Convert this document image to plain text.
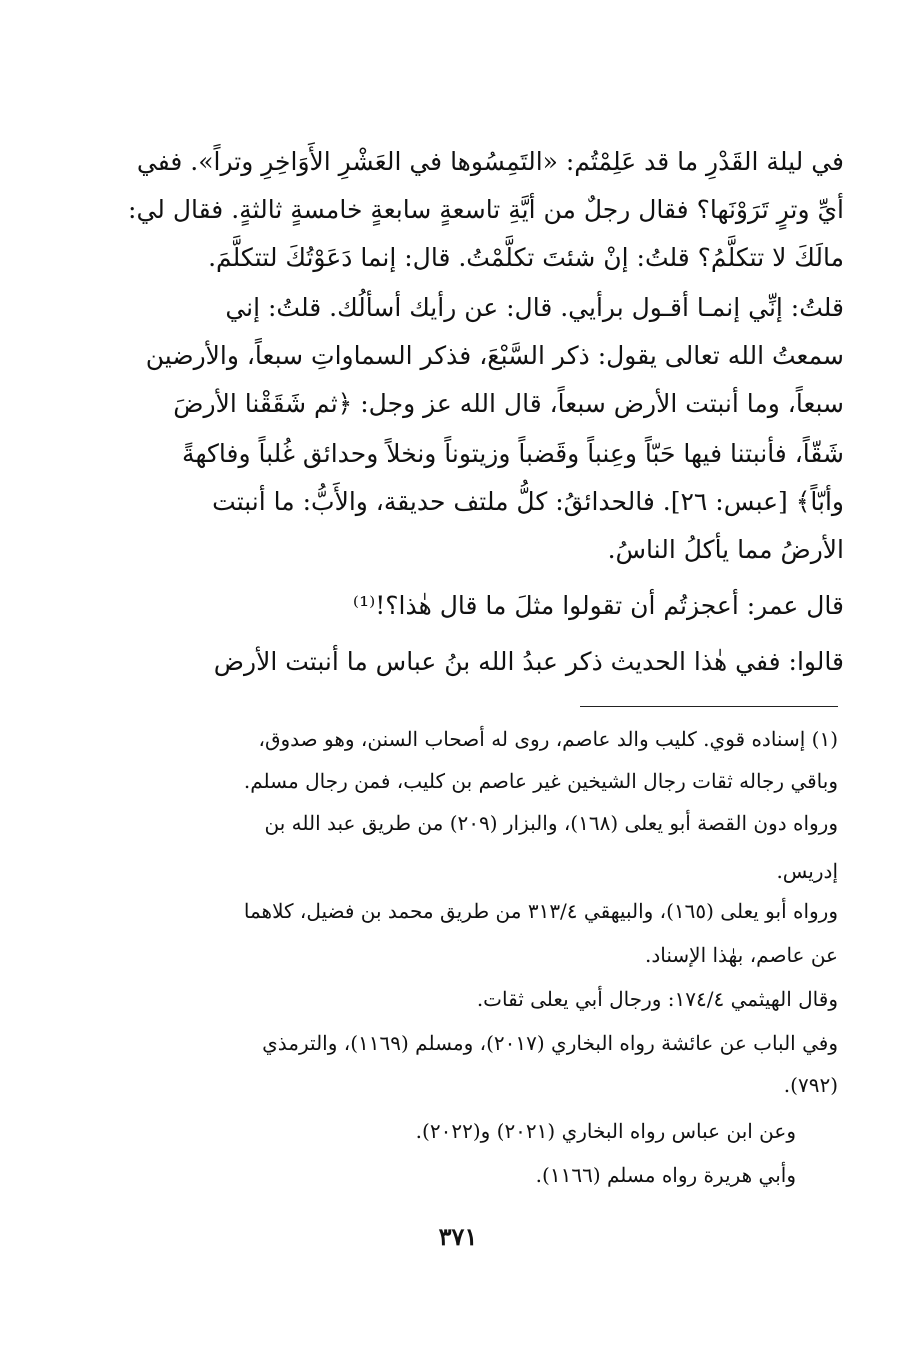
في ليلة القَدْرِ ما قد عَلِمْتُم: «التَمِسُوها في العَشْرِ الأَوَاخِرِ وتراً». ففي
أيِّ وترٍ تَرَوْنَها؟ فقال رجلٌ من أيَّةِ تاسعةٍ سابعةٍ خامسةٍ ثالثةٍ. فقال لي:
مالَكَ لا تتكلَّمُ؟ قلتُ: إنْ شئتَ تكلَّمْتُ. قال: إنما دَعَوْتُكَ لتتكلَّمَ.
قلتُ: إنِّي إنمـا أقـول برأيي. قال: عن رأيك أسألُك. قلتُ: إني
سمعتُ الله تعالى يقول: ذكر السَّبْعَ، فذكر السماواتِ سبعاً، والأرضين
سبعاً، وما أنبتت الأرض سبعاً، قال الله عز وجل: ﴿ثم شَقَقْنا الأرضَ
شَقّاً، فأنبتنا فيها حَبّاً وعِنباً وقَضباً وزيتوناً ونخلاً وحدائق غُلباً وفاكهةً
وأبّاً﴾ [عبس: ٢٦]. فالحدائقُ: كلُّ ملتف حديقة، والأَبُّ: ما أنبتت
الأرضُ مما يأكلُ الناسُ.
قال عمر: أعجزتُم أن تقولوا مثلَ ما قال هٰذا؟!⁽¹⁾
قالوا: ففي هٰذا الحديث ذكر عبدُ الله بنُ عباس ما أنبتت الأرض
(١) إسناده قوي. كليب والد عاصم، روى له أصحاب السنن، وهو صدوق،
وباقي رجاله ثقات رجال الشيخين غير عاصم بن كليب، فمن رجال مسلم.
ورواه دون القصة أبو يعلى (١٦٨)، والبزار (٢٠٩) من طريق عبد الله بن
إدريس.
ورواه أبو يعلى (١٦٥)، والبيهقي ٣١٣/٤ من طريق محمد بن فضيل، كلاهما
عن عاصم، بهٰذا الإسناد.
وقال الهيثمي ١٧٤/٤: ورجال أبي يعلى ثقات.
وفي الباب عن عائشة رواه البخاري (٢٠١٧)، ومسلم (١١٦٩)، والترمذي
(٧٩٢).
وعن ابن عباس رواه البخاري (٢٠٢١) و(٢٠٢٢).
وأبي هريرة رواه مسلم (١١٦٦).
٣٧١
